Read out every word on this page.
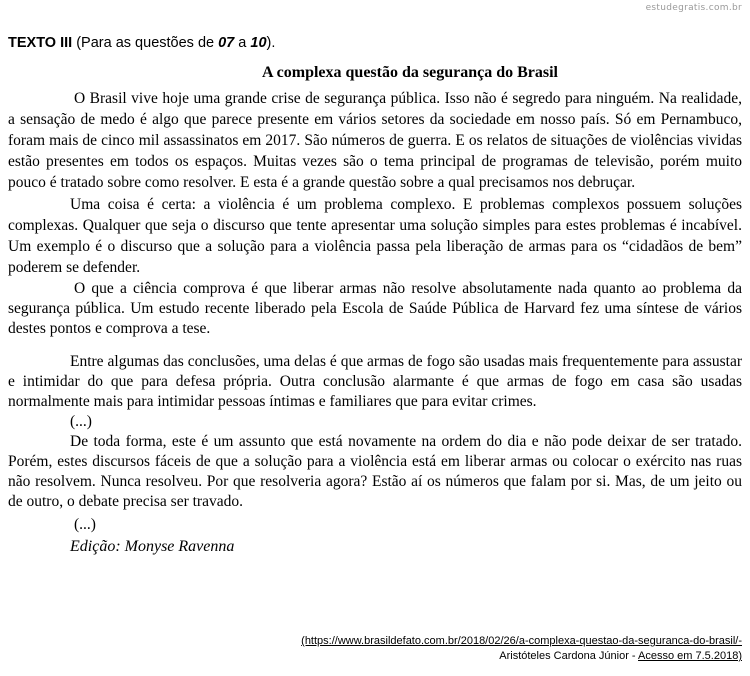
estudegratis.com.br
TEXTO III (Para as questões de 07 a 10).
A complexa questão da segurança do Brasil

O Brasil vive hoje uma grande crise de segurança pública. Isso não é segredo para ninguém. Na realidade, a sensação de medo é algo que parece presente em vários setores da sociedade em nosso país. Só em Pernambuco, foram mais de cinco mil assassinatos em 2017. São números de guerra. E os relatos de situações de violências vividas estão presentes em todos os espaços. Muitas vezes são o tema principal de programas de televisão, porém muito pouco é tratado sobre como resolver. E esta é a grande questão sobre a qual precisamos nos debruçar.

Uma coisa é certa: a violência é um problema complexo. E problemas complexos possuem soluções complexas. Qualquer que seja o discurso que tente apresentar uma solução simples para estes problemas é incabível. Um exemplo é o discurso que a solução para a violência passa pela liberação de armas para os “cidadãos de bem” poderem se defender.

O que a ciência comprova é que liberar armas não resolve absolutamente nada quanto ao problema da segurança pública. Um estudo recente liberado pela Escola de Saúde Pública de Harvard fez uma síntese de vários destes pontos e comprova a tese.

Entre algumas das conclusões, uma delas é que armas de fogo são usadas mais frequentemente para assustar e intimidar do que para defesa própria. Outra conclusão alarmante é que armas de fogo em casa são usadas normalmente mais para intimidar pessoas íntimas e familiares que para evitar crimes.

(...)

De toda forma, este é um assunto que está novamente na ordem do dia e não pode deixar de ser tratado. Porém, estes discursos fáceis de que a solução para a violência está em liberar armas ou colocar o exército nas ruas não resolvem. Nunca resolveu. Por que resolveria agora? Estão aí os números que falam por si. Mas, de um jeito ou de outro, o debate precisa ser travado.

(...)

Edição: Monyse Ravenna

(https://www.brasildefato.com.br/2018/02/26/a-complexa-questao-da-seguranca-do-brasil/-
Aristóteles Cardona Júnior - Acesso em 7.5.2018)
